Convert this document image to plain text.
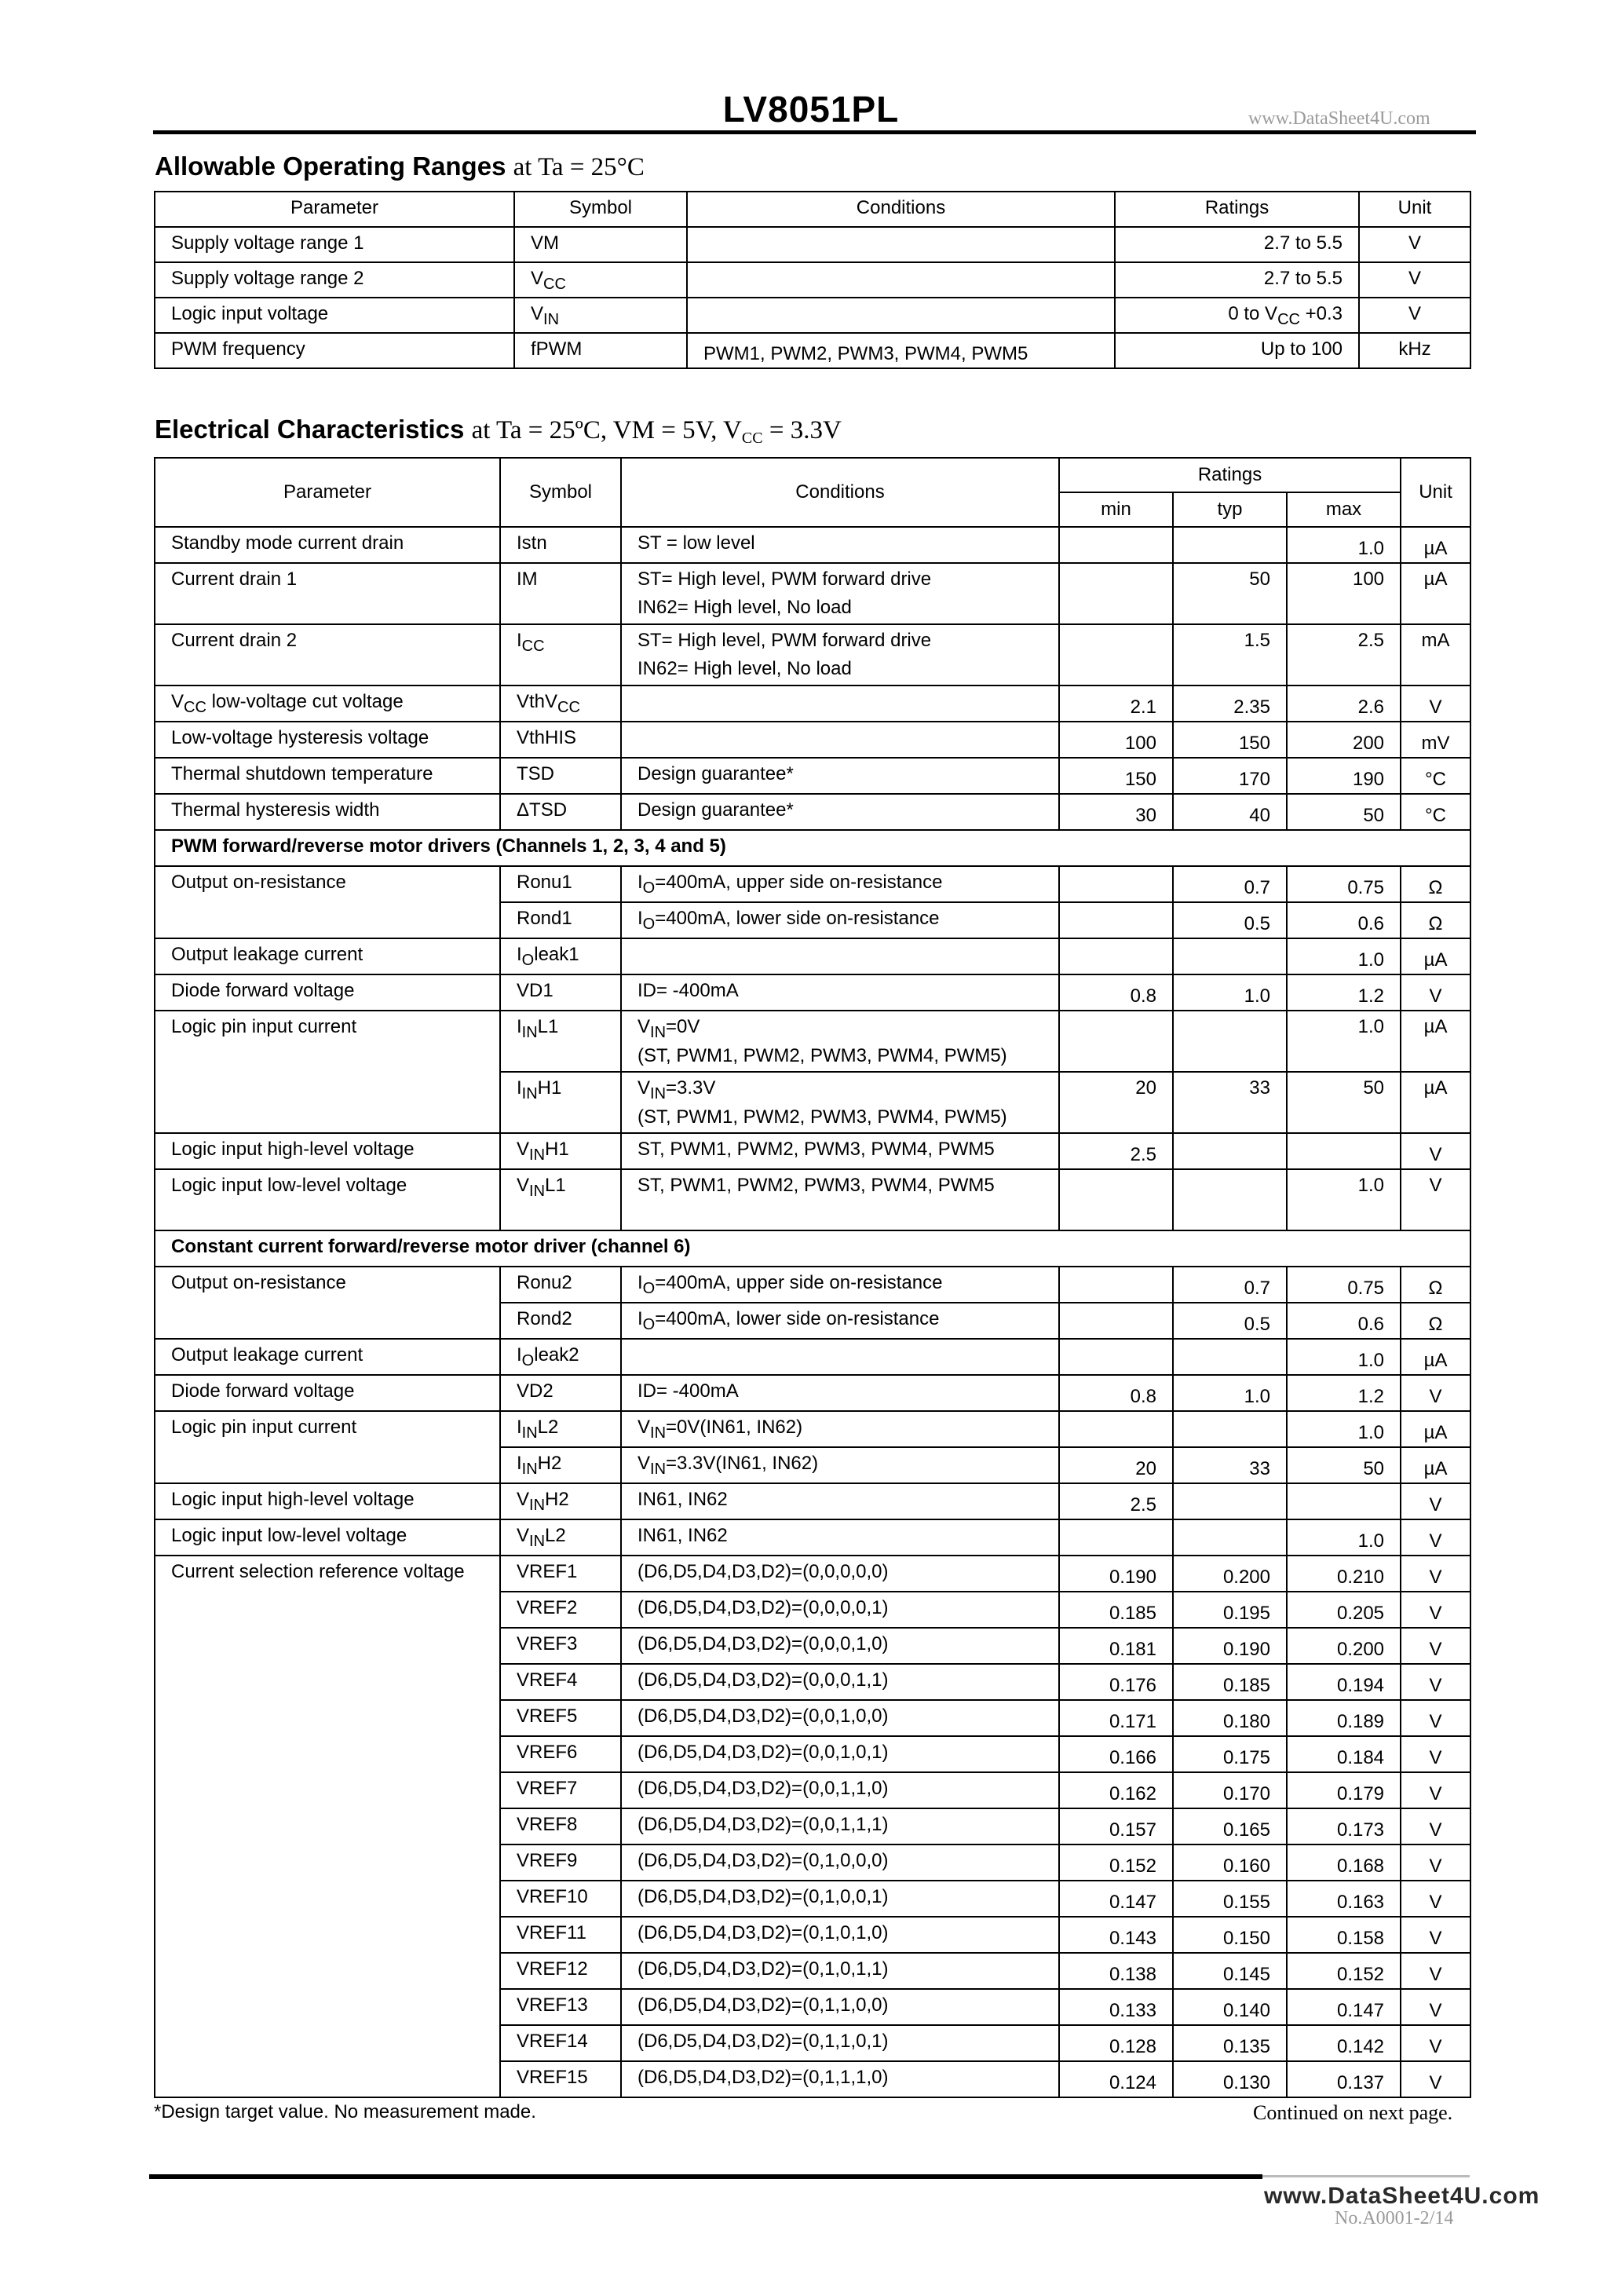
LV8051PL	www.DataSheet4U.com
Allowable Operating Ranges at Ta = 25°C
Parameter	Symbol	Conditions	Ratings	Unit

Supply voltage range 1	VM		2.7 to 5.5	V

Supply voltage range 2	$V_{CC}$		2.7 to 5.5	V

Logic input voltage	$V_{IN}$		0 to $V_{CC} +0.3$	V

PWM frequency	fPWM	PWM1, PWM2, PWM3, PWM4, PWM5	Up to 100	kHz
Electrical Characteristics at Ta = 25ºC, VM = 5V, $V_{CC} = 3.3V$
Parameter	Symbol	Conditions	Ratings			Unit

			min	typ	max	

Standby mode current drain	Istn	ST = low level			1.0	µA

Current drain 1	IM	ST= High level, PWM forward drive
IN62= High level, No load		50	100	µA

Current drain 2	$I_{CC}$	ST= High level, PWM forward drive
IN62= High level, No load		1.5	2.5	mA

$V_{CC}$ low-voltage cut voltage	VthV$_{CC}$		2.1	2.35	2.6	V

Low-voltage hysteresis voltage	VthHIS		100	150	200	mV

Thermal shutdown temperature	TSD	Design guarantee*	150	170	190	°C

Thermal hysteresis width	ΔTSD	Design guarantee*	30	40	50	°C

PWM forward/reverse motor drivers (Channels 1, 2, 3, 4 and 5)						

Output on-resistance	Ronu1	$I_O=400mA$, upper side on-resistance		0.7	0.75	Ω

	Rond1	$I_O=400mA$, lower side on-resistance		0.5	0.6	Ω

Output leakage current	$I_Oleak1$				1.0	µA

Diode forward voltage	VD1	ID= -400mA	0.8	1.0	1.2	V

Logic pin input current	$I_{IN}L1$	$V_{IN}=0V$
(ST, PWM1, PWM2, PWM3, PWM4, PWM5)			1.0	µA

	$I_{IN}H1$	$V_{IN}=3.3V$
(ST, PWM1, PWM2, PWM3, PWM4, PWM5)	20	33	50	µA

Logic input high-level voltage	$V_{IN}H1$	ST, PWM1, PWM2, PWM3, PWM4, PWM5	2.5			V

Logic input low-level voltage	$V_{IN}L1$	ST, PWM1, PWM2, PWM3, PWM4, PWM5			1.0	V

Constant current forward/reverse motor driver (channel 6)						

Output on-resistance	Ronu2	$I_O=400mA$, upper side on-resistance		0.7	0.75	Ω

	Rond2	$I_O=400mA$, lower side on-resistance		0.5	0.6	Ω

Output leakage current	$I_Oleak2$				1.0	µA

Diode forward voltage	VD2	ID= -400mA	0.8	1.0	1.2	V

Logic pin input current	$I_{IN}L2$	$V_{IN}=0V(IN61$, IN62)			1.0	µA

	$I_{IN}H2$	$V_{IN}=3.3V(IN61$, IN62)	20	33	50	µA

Logic input high-level voltage	$V_{IN}H2$	IN61, IN62	2.5			V

Logic input low-level voltage	$V_{IN}L2$	IN61, IN62			1.0	V

Current selection reference voltage	VREF1	(D6,D5,D4,D3,D2)=(0,0,0,0,0)	0.190	0.200	0.210	V

	VREF2	(D6,D5,D4,D3,D2)=(0,0,0,0,1)	0.185	0.195	0.205	V

	VREF3	(D6,D5,D4,D3,D2)=(0,0,0,1,0)	0.181	0.190	0.200	V

	VREF4	(D6,D5,D4,D3,D2)=(0,0,0,1,1)	0.176	0.185	0.194	V

	VREF5	(D6,D5,D4,D3,D2)=(0,0,1,0,0)	0.171	0.180	0.189	V

	VREF6	(D6,D5,D4,D3,D2)=(0,0,1,0,1)	0.166	0.175	0.184	V

	VREF7	(D6,D5,D4,D3,D2)=(0,0,1,1,0)	0.162	0.170	0.179	V

	VREF8	(D6,D5,D4,D3,D2)=(0,0,1,1,1)	0.157	0.165	0.173	V

	VREF9	(D6,D5,D4,D3,D2)=(0,1,0,0,0)	0.152	0.160	0.168	V

	VREF10	(D6,D5,D4,D3,D2)=(0,1,0,0,1)	0.147	0.155	0.163	V

	VREF11	(D6,D5,D4,D3,D2)=(0,1,0,1,0)	0.143	0.150	0.158	V

	VREF12	(D6,D5,D4,D3,D2)=(0,1,0,1,1)	0.138	0.145	0.152	V

	VREF13	(D6,D5,D4,D3,D2)=(0,1,1,0,0)	0.133	0.140	0.147	V

	VREF14	(D6,D5,D4,D3,D2)=(0,1,1,0,1)	0.128	0.135	0.142	V

	VREF15	(D6,D5,D4,D3,D2)=(0,1,1,1,0)	0.124	0.130	0.137	V
*Design target value. No measurement made.	Continued on next page.
www.DataSheet4U.com
No.A0001-2/14
